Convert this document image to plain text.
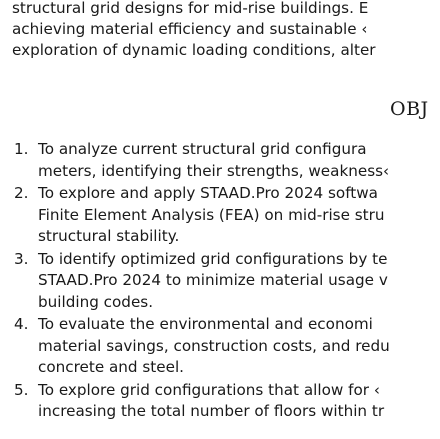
structural grid designs for mid-rise buildings. E
achieving material efficiency and sustainable ‹
exploration of dynamic loading conditions, alter
OBJ
1. To analyze current structural grid configura
meters, identifying their strengths, weakness‹
2. To explore and apply STAAD.Pro 2024 softwa
Finite Element Analysis (FEA) on mid-rise stru
structural stability.
3. To identify optimized grid configurations by te
STAAD.Pro 2024 to minimize material usage v
building codes.
4. To evaluate the environmental and economi
material savings, construction costs, and redu
concrete and steel.
5. To explore grid configurations that allow for ‹
increasing the total number of floors within tr
